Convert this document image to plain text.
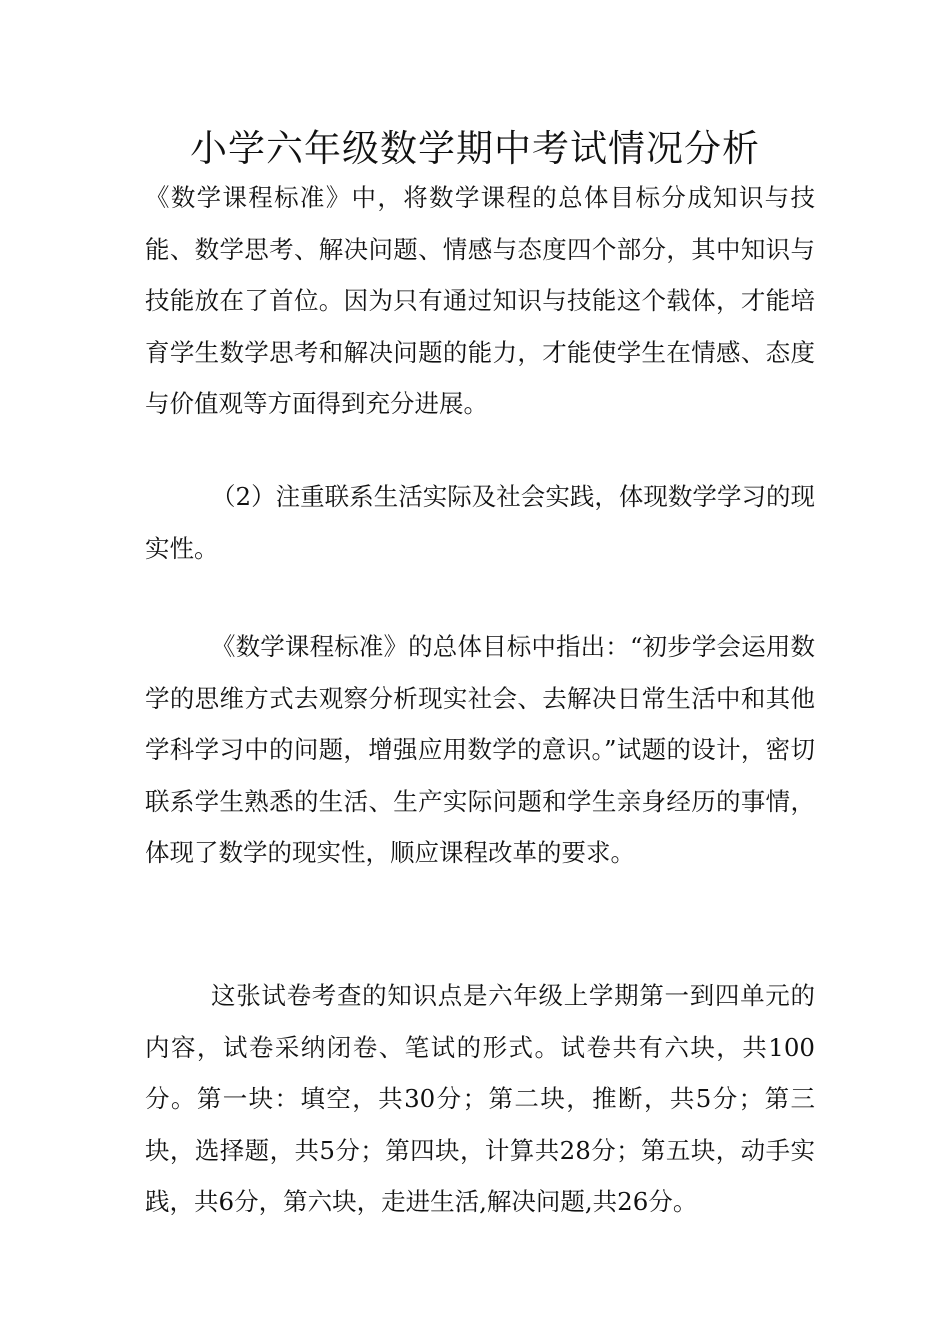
小学六年级数学期中考试情况分析

《数学课程标准》中，将数学课程的总体目标分成知识与技能、数学思考、解决问题、情感与态度四个部分，其中知识与技能放在了首位。因为只有通过知识与技能这个载体，才能培育学生数学思考和解决问题的能力，才能使学生在情感、态度与价值观等方面得到充分进展。

（2）注重联系生活实际及社会实践，体现数学学习的现实性。

《数学课程标准》的总体目标中指出：“初步学会运用数学的思维方式去观察分析现实社会、去解决日常生活中和其他学科学习中的问题，增强应用数学的意识。”试题的设计，密切联系学生熟悉的生活、生产实际问题和学生亲身经历的事情，体现了数学的现实性，顺应课程改革的要求。

这张试卷考查的知识点是六年级上学期第一到四单元的内容，试卷采纳闭卷、笔试的形式。试卷共有六块，共100分。第一块：填空，共30分；第二块，推断，共5分；第三块，选择题，共5分；第四块，计算共28分；第五块，动手实践，共6分，第六块，走进生活,解决问题,共26分。
